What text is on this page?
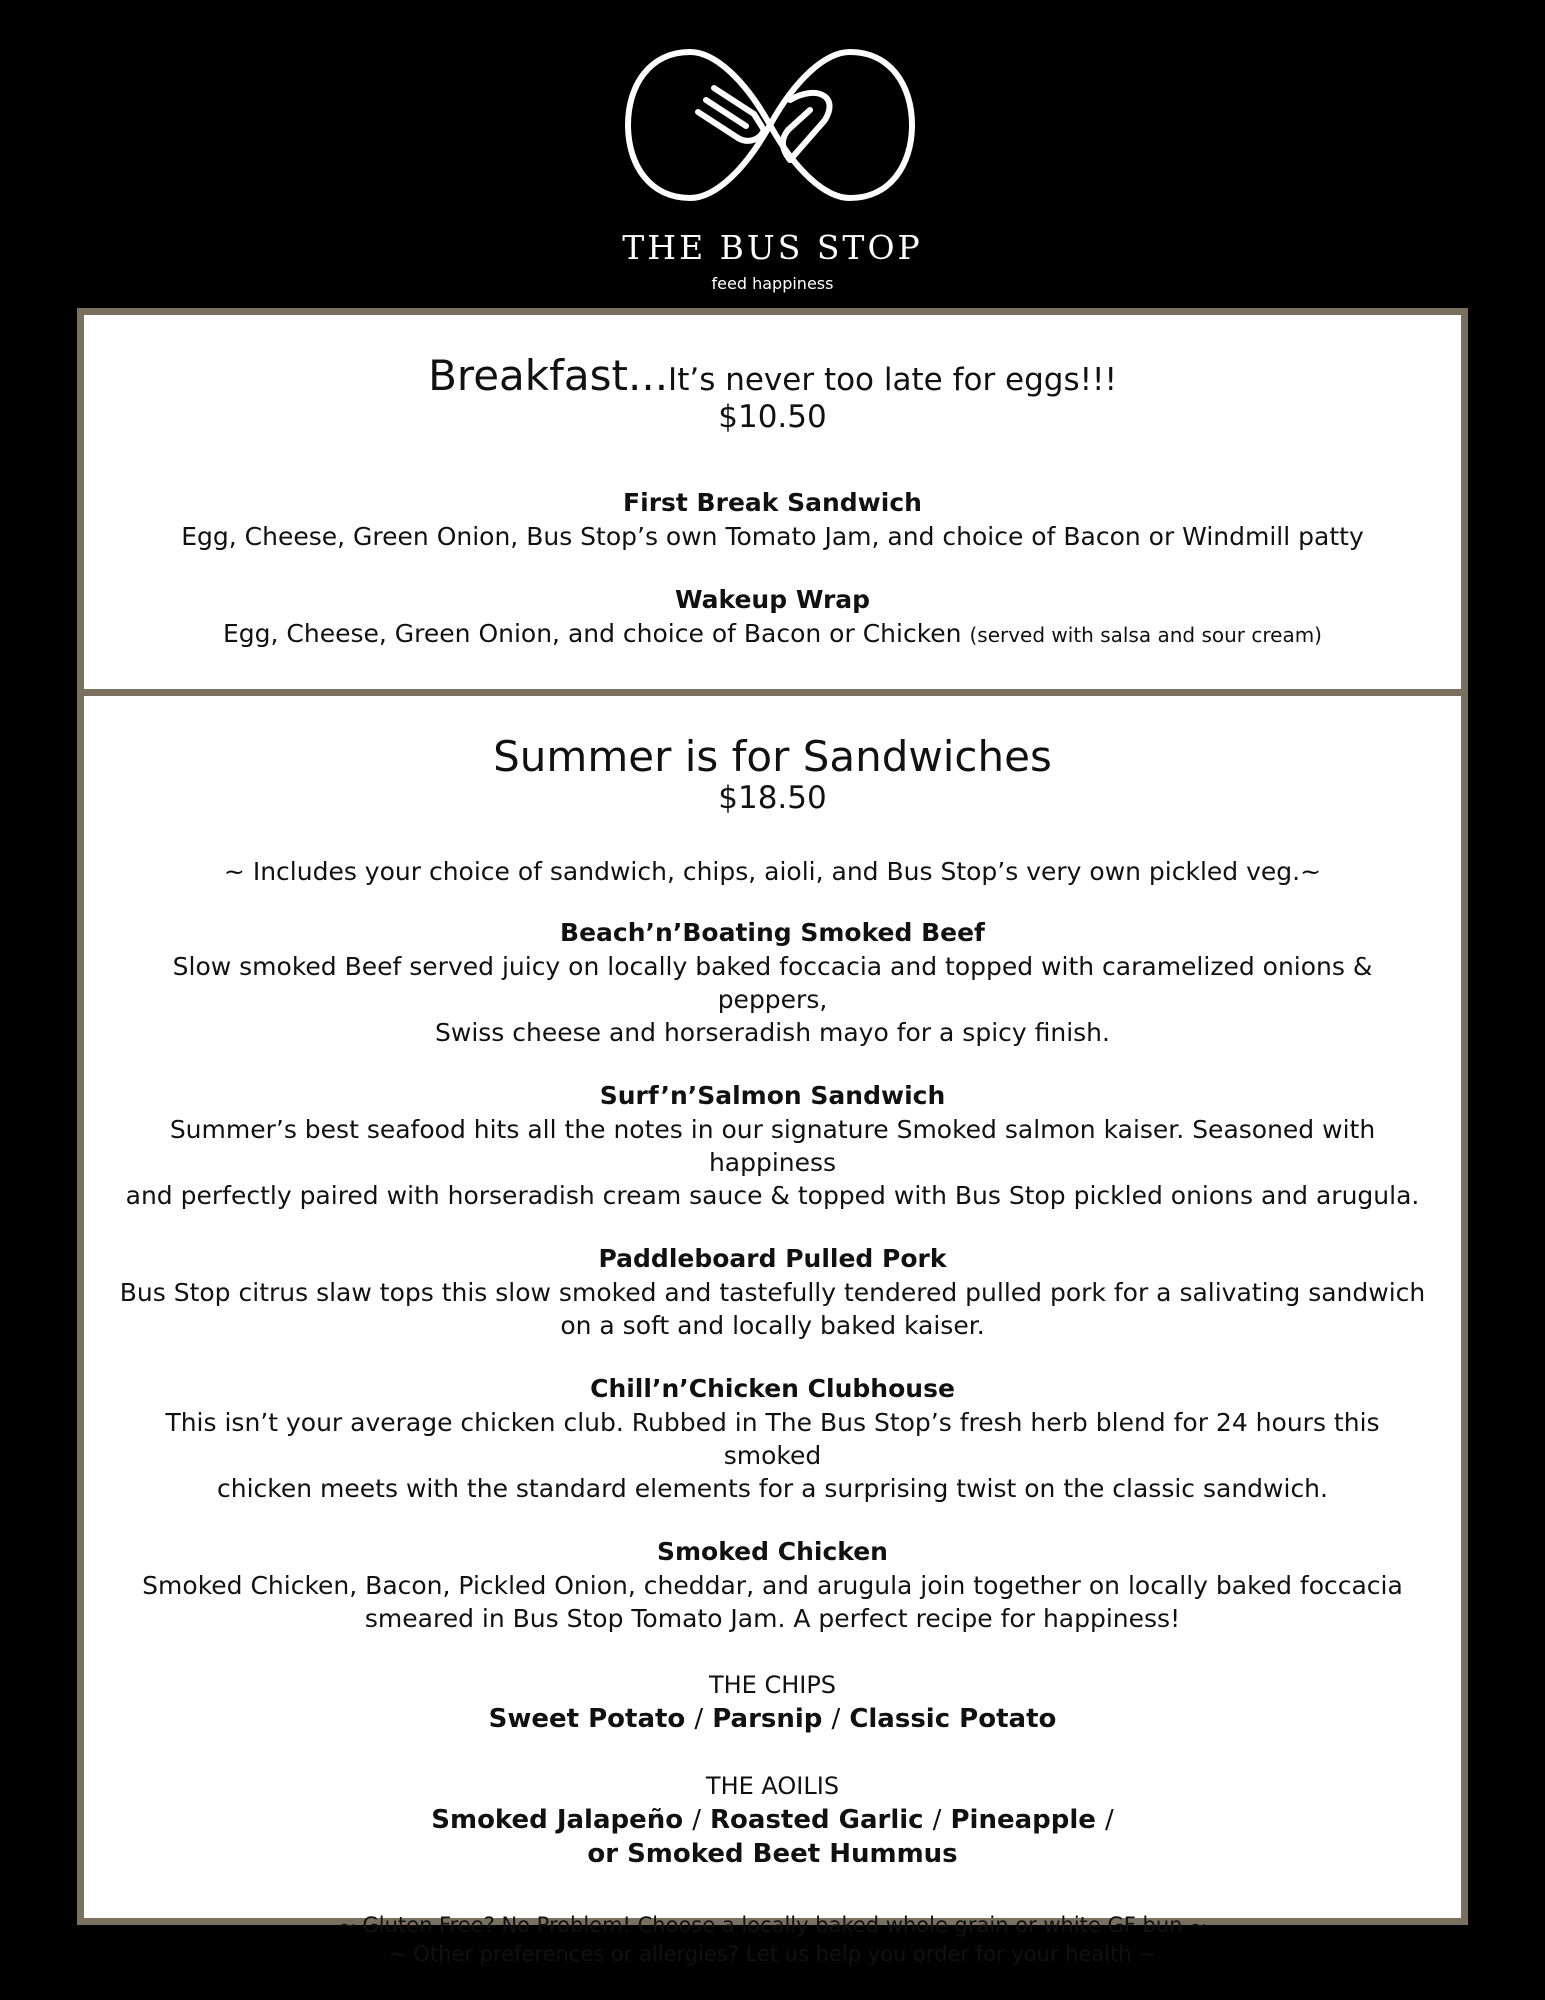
THE BUS STOP
feed happiness
Breakfast...It’s never too late for eggs!!!
$10.50
First Break Sandwich
Egg, Cheese, Green Onion, Bus Stop’s own Tomato Jam, and choice of Bacon or Windmill patty
Wakeup Wrap
Egg, Cheese, Green Onion, and choice of Bacon or Chicken (served with salsa and sour cream)
Summer is for Sandwiches
$18.50
~ Includes your choice of sandwich, chips, aioli, and Bus Stop’s very own pickled veg.~
Beach’n’Boating Smoked Beef
Slow smoked Beef served juicy on locally baked foccacia and topped with caramelized onions & peppers,
Swiss cheese and horseradish mayo for a spicy finish.
Surf’n’Salmon Sandwich
Summer’s best seafood hits all the notes in our signature Smoked salmon kaiser. Seasoned with happiness
and perfectly paired with horseradish cream sauce & topped with Bus Stop pickled onions and arugula.
Paddleboard Pulled Pork
Bus Stop citrus slaw tops this slow smoked and tastefully tendered pulled pork for a salivating sandwich
on a soft and locally baked kaiser.
Chill’n’Chicken Clubhouse
This isn’t your average chicken club. Rubbed in The Bus Stop’s fresh herb blend for 24 hours this smoked
chicken meets with the standard elements for a surprising twist on the classic sandwich.
Smoked Chicken
Smoked Chicken, Bacon, Pickled Onion, cheddar, and arugula join together on locally baked foccacia
smeared in Bus Stop Tomato Jam. A perfect recipe for happiness!
THE CHIPS
Sweet Potato / Parsnip / Classic Potato
THE AOILIS
Smoked Jalapeño / Roasted Garlic / Pineapple /
or Smoked Beet Hummus
~ Gluten Free? No Problem! Choose a locally baked whole grain or white GF bun ~
~ Other preferences or allergies? Let us help you order for your health ~
